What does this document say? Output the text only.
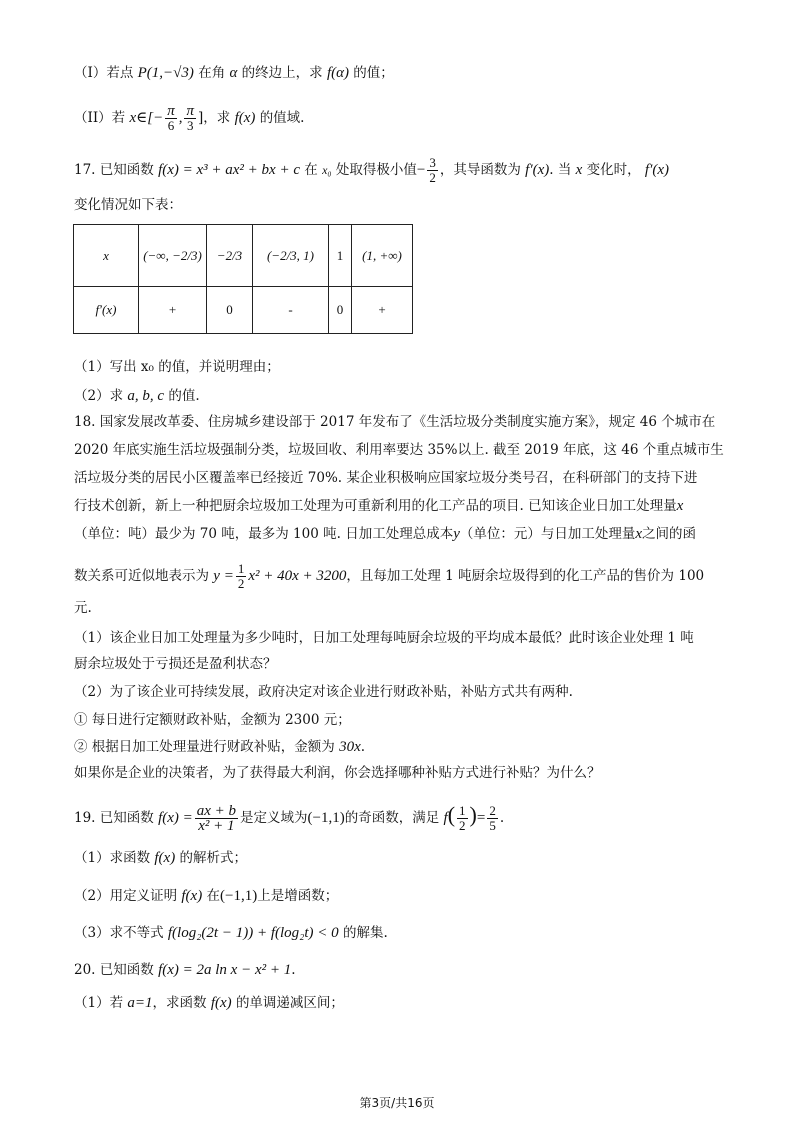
（I）若点 P(1,−√3) 在角 α 的终边上，求 f(α) 的值；
（II）若 x∈[− $\frac{\pi}{6}$ , $\frac{\pi}{3}$ ]，求 f(x) 的值域.
17. 已知函数 f(x) = x³ + ax² + bx + c 在 x₀ 处取得极小值− $\frac{3}{2}$ ，其导函数为 f′(x). 当 x 变化时， f′(x)
变化情况如下表：
x	(−∞, −2/3)	−2/3	(−2/3, 1)	1	(1, +∞)
f′(x)	+	0	-	0	+
（1）写出 x₀ 的值，并说明理由；
（2）求 a, b, c 的值.
18. 国家发展改革委、住房城乡建设部于 2017 年发布了《生活垃圾分类制度实施方案》，规定 46 个城市在
2020 年底实施生活垃圾强制分类，垃圾回收、利用率要达 35%以上. 截至 2019 年底，这 46 个重点城市生
活垃圾分类的居民小区覆盖率已经接近 70%. 某企业积极响应国家垃圾分类号召，在科研部门的支持下进
行技术创新，新上一种把厨余垃圾加工处理为可重新利用的化工产品的项目. 已知该企业日加工处理量x
（单位：吨）最少为 70 吨，最多为 100 吨. 日加工处理总成本y（单位：元）与日加工处理量x之间的函
数关系可近似地表示为 $y = \frac{1}{2} x^2 + 40x + 3200$，且每加工处理 1 吨厨余垃圾得到的化工产品的售价为 100
元.
（1）该企业日加工处理量为多少吨时，日加工处理每吨厨余垃圾的平均成本最低？此时该企业处理 1 吨
厨余垃圾处于亏损还是盈利状态？
（2）为了该企业可持续发展，政府决定对该企业进行财政补贴，补贴方式共有两种.
① 每日进行定额财政补贴，金额为 2300 元；
② 根据日加工处理量进行财政补贴，金额为 30x.
如果你是企业的决策者，为了获得最大利润，你会选择哪种补贴方式进行补贴？为什么？
19. 已知函数 $f(x) = \frac{ax + b}{\text{x² + 1}}$ 是定义域为(−1,1)的奇函数，满足 $f( \frac{1}{2}$ )= $\frac{2}{5}$ .
（1）求函数 f(x) 的解析式；
（2）用定义证明 f(x) 在(−1,1)上是增函数；
（3）求不等式 f(log₂(2t − 1)) + f(log₂t) < 0 的解集.
20. 已知函数 f(x) = 2a ln x − x² + 1.
（1）若 a=1，求函数 f(x) 的单调递减区间；
第3页/共16页
